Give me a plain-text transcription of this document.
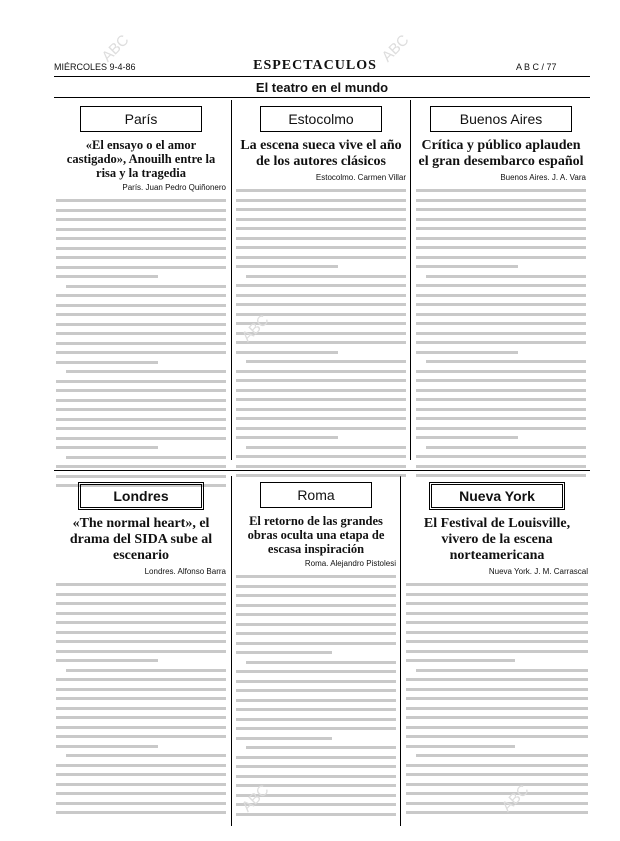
MIÉRCOLES 9-4-86	ESPECTACULOS	A B C / 77
El teatro en el mundo
París
«El ensayo o el amor castigado», Anouilh entre la risa y la tragedia
París. Juan Pedro Quiñonero
Estocolmo
La escena sueca vive el año de los autores clásicos
Estocolmo. Carmen Villar
Buenos Aires
Crítica y público aplauden el gran desembarco español
Buenos Aires. J. A. Vara
Londres
«The normal heart», el drama del SIDA sube al escenario
Londres. Alfonso Barra
Roma
El retorno de las grandes obras oculta una etapa de escasa inspiración
Roma. Alejandro Pistolesi
Nueva York
El Festival de Louisville, vivero de la escena norteamericana
Nueva York. J. M. Carrascal
ABC	ABC
ABC
ABC	ABC
